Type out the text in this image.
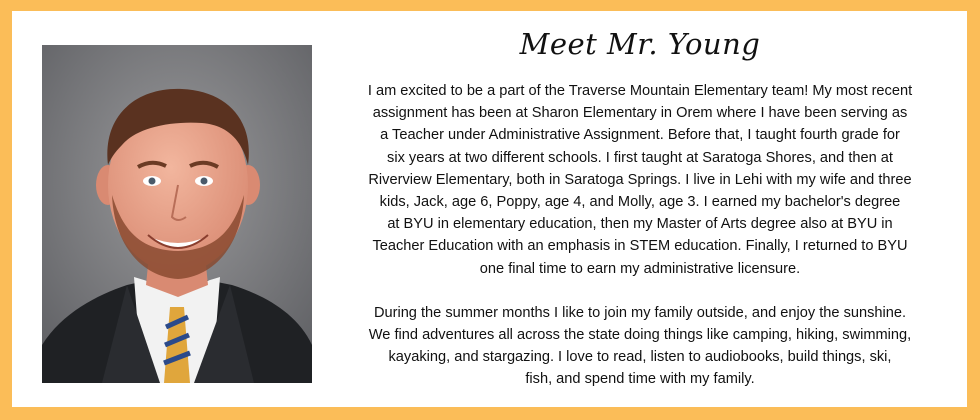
Meet Mr. Young

I am excited to be a part of the Traverse Mountain Elementary team! My most recent
assignment has been at Sharon Elementary in Orem where I have been serving as
a Teacher under Administrative Assignment. Before that, I taught fourth grade for
six years at two different schools. I first taught at Saratoga Shores, and then at
Riverview Elementary, both in Saratoga Springs. I live in Lehi with my wife and three
kids, Jack, age 6, Poppy, age 4, and Molly, age 3. I earned my bachelor's degree
at BYU in elementary education, then my Master of Arts degree also at BYU in
Teacher Education with an emphasis in STEM education. Finally, I returned to BYU
one final time to earn my administrative licensure.

During the summer months I like to join my family outside, and enjoy the sunshine.
We find adventures all across the state doing things like camping, hiking, swimming,
kayaking, and stargazing. I love to read, listen to audiobooks, build things, ski,
fish, and spend time with my family.
